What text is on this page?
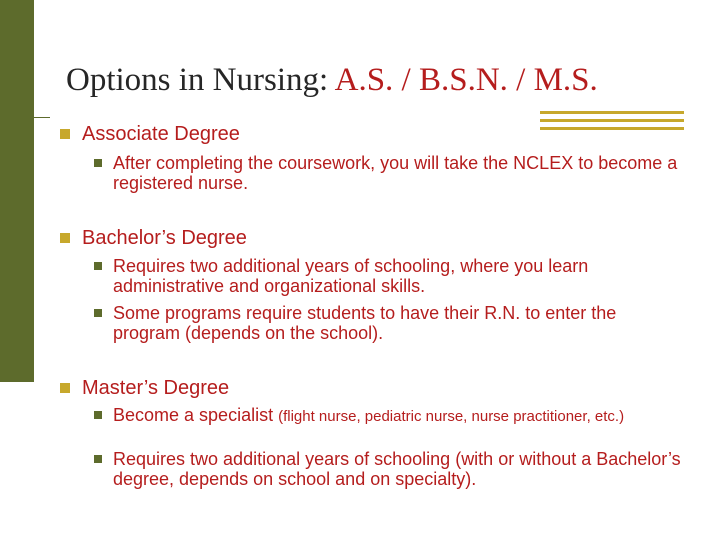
Options in Nursing: A.S. / B.S.N. / M.S.
Associate Degree
After completing the coursework, you will take the NCLEX to become a registered nurse.
Bachelor’s Degree
Requires two additional years of schooling, where you learn administrative and organizational skills.
Some programs require students to have their R.N. to enter the program (depends on the school).
Master’s Degree
Become a specialist (flight nurse, pediatric nurse, nurse practitioner, etc.)
Requires two additional years of schooling (with or without a Bachelor’s degree, depends on school and on specialty).
